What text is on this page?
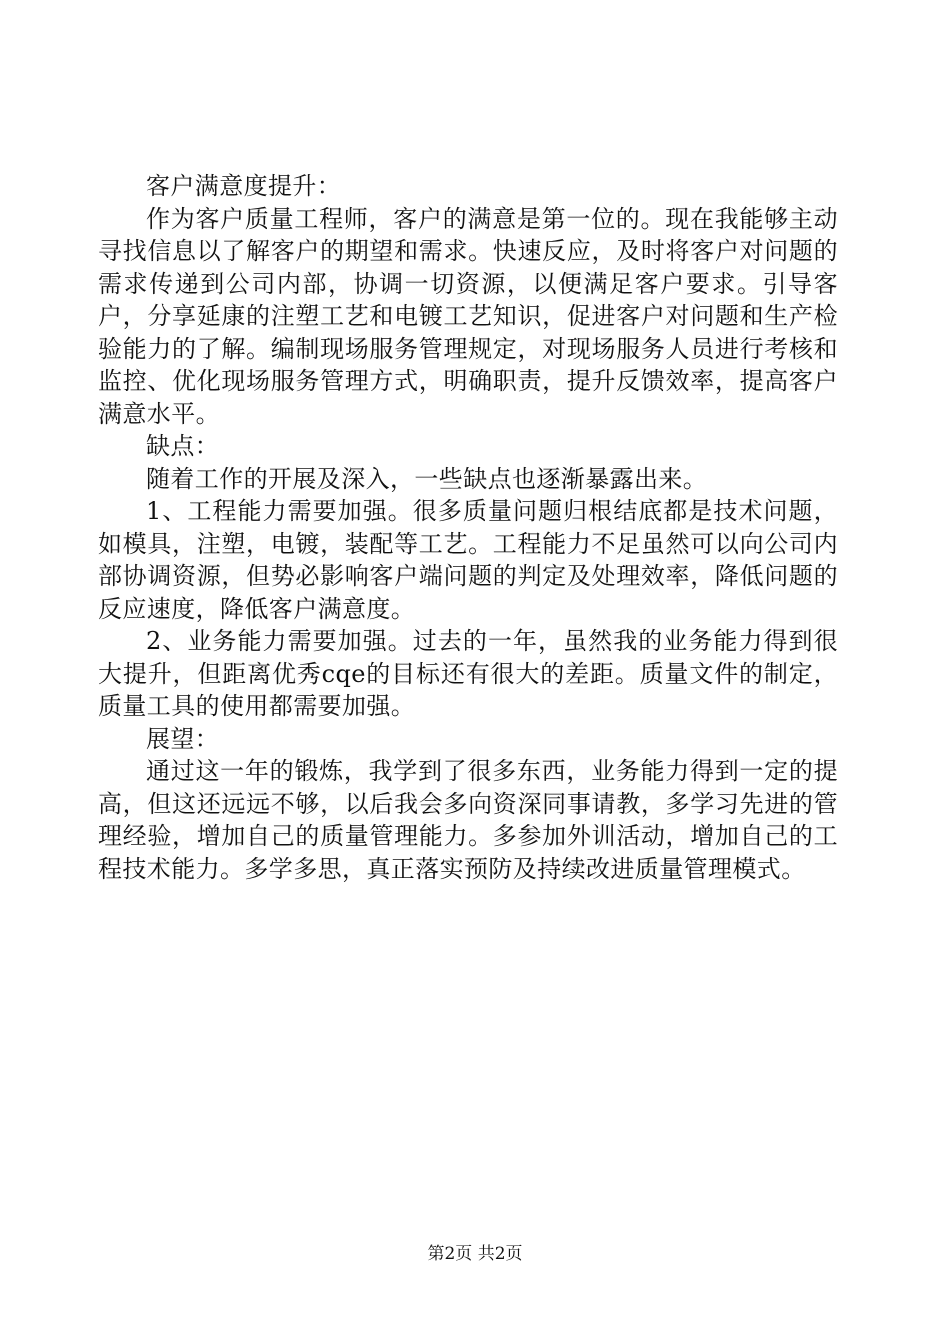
客户满意度提升：

作为客户质量工程师，客户的满意是第一位的。现在我能够主动寻找信息以了解客户的期望和需求。快速反应，及时将客户对问题的需求传递到公司内部，协调一切资源，以便满足客户要求。引导客户，分享延康的注塑工艺和电镀工艺知识，促进客户对问题和生产检验能力的了解。编制现场服务管理规定，对现场服务人员进行考核和监控、优化现场服务管理方式，明确职责，提升反馈效率，提高客户满意水平。

缺点：

随着工作的开展及深入，一些缺点也逐渐暴露出来。

1、工程能力需要加强。很多质量问题归根结底都是技术问题，如模具，注塑，电镀，装配等工艺。工程能力不足虽然可以向公司内部协调资源，但势必影响客户端问题的判定及处理效率，降低问题的反应速度，降低客户满意度。

2、业务能力需要加强。过去的一年，虽然我的业务能力得到很大提升，但距离优秀cqe的目标还有很大的差距。质量文件的制定，质量工具的使用都需要加强。

展望：

通过这一年的锻炼，我学到了很多东西，业务能力得到一定的提高，但这还远远不够，以后我会多向资深同事请教，多学习先进的管理经验，增加自己的质量管理能力。多参加外训活动，增加自己的工程技术能力。多学多思，真正落实预防及持续改进质量管理模式。

第2页 共2页
